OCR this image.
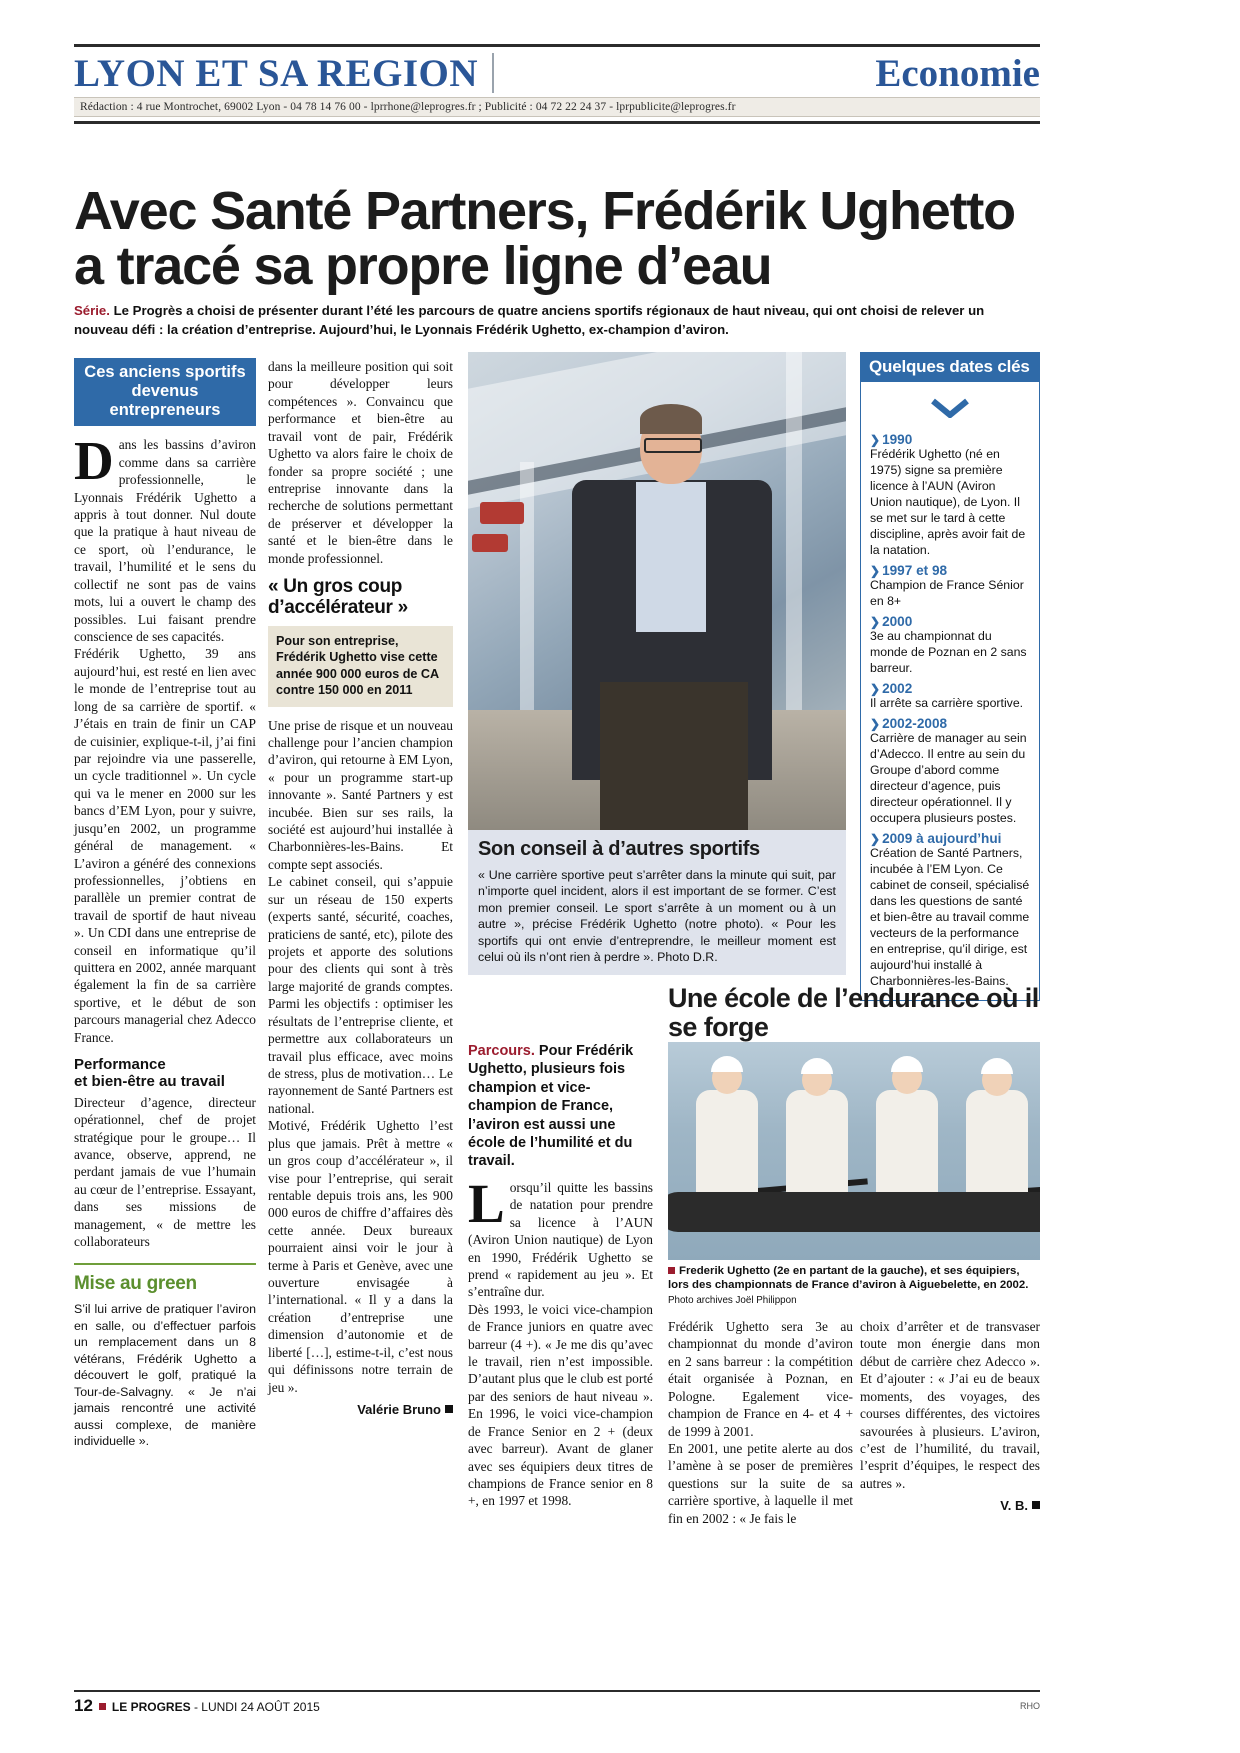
LYON ET SA REGION	Economie
Rédaction : 4 rue Montrochet, 69002 Lyon - 04 78 14 76 00 - lprrhone@leprogres.fr ; Publicité : 04 72 22 24 37 - lprpublicite@leprogres.fr
Avec Santé Partners, Frédérik Ughetto
a tracé sa propre ligne d’eau
Série. Le Progrès a choisi de présenter durant l’été les parcours de quatre anciens sportifs régionaux de haut niveau, qui ont choisi de relever un nouveau défi : la création d’entreprise. Aujourd’hui, le Lyonnais Frédérik Ughetto, ex-champion d’aviron.
Ces anciens sportifs
devenus entrepreneurs

Dans les bassins d’aviron comme dans sa carrière professionnelle, le Lyonnais Frédérik Ughetto a appris à tout donner. Nul doute que la pratique à haut niveau de ce sport, où l’endurance, le travail, l’humilité et le sens du collectif ne sont pas de vains mots, lui a ouvert le champ des possibles. Lui faisant prendre conscience de ses capacités.

Frédérik Ughetto, 39 ans aujourd’hui, est resté en lien avec le monde de l’entreprise tout au long de sa carrière de sportif. « J’étais en train de finir un CAP de cuisinier, explique-t-il, j’ai fini par rejoindre via une passerelle, un cycle traditionnel ». Un cycle qui va le mener en 2000 sur les bancs d’EM Lyon, pour y suivre, jusqu’en 2002, un programme général de management. « L’aviron a généré des connexions professionnelles, j’obtiens en parallèle un premier contrat de travail de sportif de haut niveau ». Un CDI dans une entreprise de conseil en informatique qu’il quittera en 2002, année marquant également la fin de sa carrière sportive, et le début de son parcours managerial chez Adecco France.

Performance
et bien-être au travail

Directeur d’agence, directeur opérationnel, chef de projet stratégique pour le groupe… Il avance, observe, apprend, ne perdant jamais de vue l’humain au cœur de l’entreprise. Essayant, dans ses missions de management, « de mettre les collaborateurs

Mise au green

S’il lui arrive de pratiquer l’aviron en salle, ou d’effectuer parfois un remplacement dans un 8 vétérans, Frédérik Ughetto a découvert le golf, pratiqué la Tour-de-Salvagny. « Je n’ai jamais rencontré une activité aussi complexe, de manière individuelle ».

dans la meilleure position qui soit pour développer leurs compétences ». Convaincu que performance et bien-être au travail vont de pair, Frédérik Ughetto va alors faire le choix de fonder sa propre société ; une entreprise innovante dans la recherche de solutions permettant de préserver et développer la santé et le bien-être dans le monde professionnel.

« Un gros coup
d’accélérateur »
Pour son entreprise, Frédérik Ughetto vise cette année 900 000 euros de CA contre 150 000 en 2011

Une prise de risque et un nouveau challenge pour l’ancien champion d’aviron, qui retourne à EM Lyon, « pour un programme start-up innovante ». Santé Partners y est incubée. Bien sur ses rails, la société est aujourd’hui installée à Charbonnières-les-Bains. Et compte sept associés.

Le cabinet conseil, qui s’appuie sur un réseau de 150 experts (experts santé, sécurité, coaches, praticiens de santé, etc), pilote des projets et apporte des solutions pour des clients qui sont à très large majorité de grands comptes. Parmi les objectifs : optimiser les résultats de l’entreprise cliente, et permettre aux collaborateurs un travail plus efficace, avec moins de stress, plus de motivation… Le rayonnement de Santé Partners est national.

Motivé, Frédérik Ughetto l’est plus que jamais. Prêt à mettre « un gros coup d’accélérateur », il vise pour l’entreprise, qui serait rentable depuis trois ans, les 900 000 euros de chiffre d’affaires dès cette année. Deux bureaux pourraient ainsi voir le jour à terme à Paris et Genève, avec une ouverture envisagée à l’international. « Il y a dans la création d’entreprise une dimension d’autonomie et de liberté […], estime-t-il, c’est nous qui définissons notre terrain de jeu ».

Valérie Bruno
Son conseil à d’autres sportifs

« Une carrière sportive peut s’arrêter dans la minute qui suit, par n’importe quel incident, alors il est important de se former. C’est mon premier conseil. Le sport s’arrête à un moment ou à un autre », précise Frédérik Ughetto (notre photo). « Pour les sportifs qui ont envie d’entreprendre, le meilleur moment est celui où ils n’ont rien à perdre ». Photo D.R.

Quelques dates clés
❯ 1990
Frédérik Ughetto (né en 1975) signe sa première licence à l’AUN (Aviron Union nautique), de Lyon. Il se met sur le tard à cette discipline, après avoir fait de la natation.
❯ 1997 et 98
Champion de France Sénior en 8+
❯ 2000
3e au championnat du monde de Poznan en 2 sans barreur.
❯ 2002
Il arrête sa carrière sportive.
❯ 2002-2008
Carrière de manager au sein d’Adecco. Il entre au sein du Groupe d’abord comme directeur d’agence, puis directeur opérationnel. Il y occupera plusieurs postes.
❯ 2009 à aujourd’hui
Création de Santé Partners, incubée à l’EM Lyon. Ce cabinet de conseil, spécialisé dans les questions de santé et bien-être au travail comme vecteurs de la performance en entreprise, qu’il dirige, est aujourd’hui installé à Charbonnières-les-Bains.
Une école de l’endurance où il se forge
Parcours. Pour Frédérik Ughetto, plusieurs fois champion et vice-champion de France, l’aviron est aussi une école de l’humilité et du travail.

Lorsqu’il quitte les bassins de natation pour prendre sa licence à l’AUN (Aviron Union nautique) de Lyon en 1990, Frédérik Ughetto se prend « rapidement au jeu ». Et s’entraîne dur.

Dès 1993, le voici vice-champion de France juniors en quatre avec barreur (4 +). « Je me dis qu’avec le travail, rien n’est impossible. D’autant plus que le club est porté par des seniors de haut niveau ». En 1996, le voici vice-champion de France Senior en 2 + (deux avec barreur). Avant de glaner avec ses équipiers deux titres de champions de France senior en 8 +, en 1997 et 1998.

Frederik Ughetto (2e en partant de la gauche), et ses équipiers, lors des championnats de France d’aviron à Aiguebelette, en 2002. Photo archives Joël Philippon

Frédérik Ughetto sera 3e au championnat du monde d’aviron en 2 sans barreur : la compétition était organisée à Poznan, en Pologne. Egalement vice-champion de France en 4- et 4 + de 1999 à 2001.

En 2001, une petite alerte au dos l’amène à se poser de premières questions sur la suite de sa carrière sportive, à laquelle il met fin en 2002 : « Je fais le

choix d’arrêter et de transvaser toute mon énergie dans mon début de carrière chez Adecco ». Et d’ajouter : « J’ai eu de beaux moments, des voyages, des courses différentes, des victoires savourées à plusieurs. L’aviron, c’est de l’humilité, du travail, l’esprit d’équipes, le respect des autres ».

V. B.
12 LE PROGRES - LUNDI 24 AOÛT 2015	RHO
